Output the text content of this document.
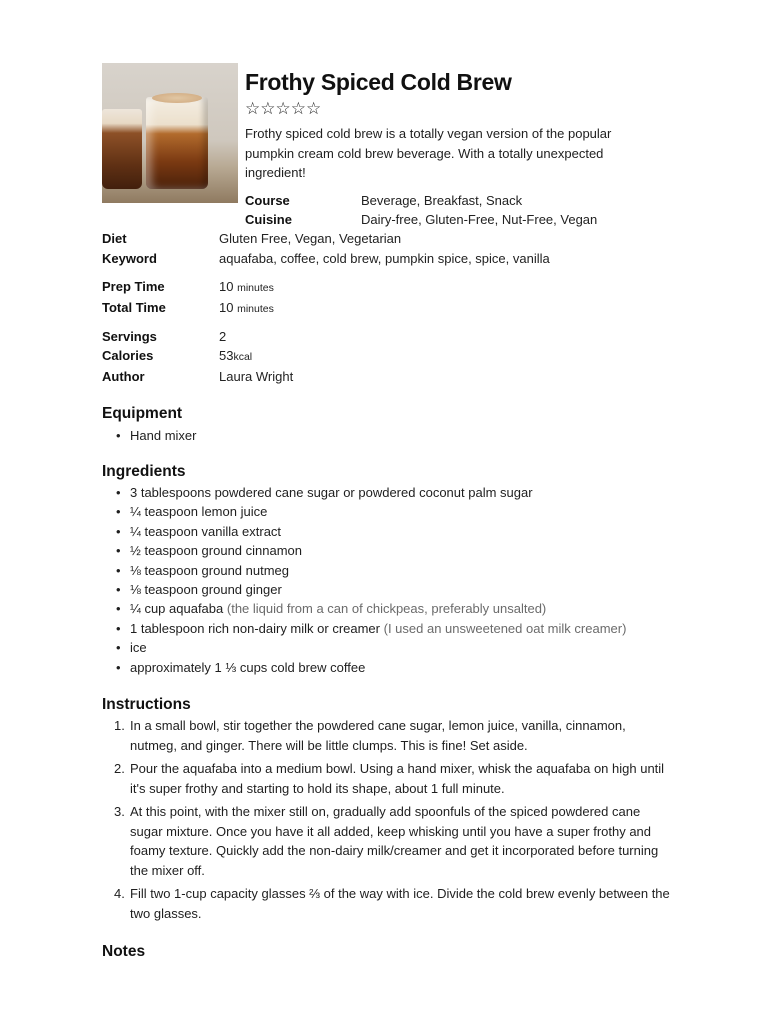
Frothy Spiced Cold Brew
☆☆☆☆☆

Frothy spiced cold brew is a totally vegan version of the popular pumpkin cream cold brew beverage. With a totally unexpected ingredient!

Course	Beverage, Breakfast, Snack
Cuisine	Dairy-free, Gluten-Free, Nut-Free, Vegan
Diet	Gluten Free, Vegan, Vegetarian
Keyword	aquafaba, coffee, cold brew, pumpkin spice, spice, vanilla
Prep Time	10 minutes
Total Time	10 minutes
Servings	2
Calories	53kcal
Author	Laura Wright
Equipment
• Hand mixer
Ingredients
• 3 tablespoons powdered cane sugar or powdered coconut palm sugar
• ¼ teaspoon lemon juice
• ¼ teaspoon vanilla extract
• ½ teaspoon ground cinnamon
• ⅛ teaspoon ground nutmeg
• ⅛ teaspoon ground ginger
• ¼ cup aquafaba (the liquid from a can of chickpeas, preferably unsalted)
• 1 tablespoon rich non-dairy milk or creamer (I used an unsweetened oat milk creamer)
• ice
• approximately 1 ⅓ cups cold brew coffee
Instructions
1. In a small bowl, stir together the powdered cane sugar, lemon juice, vanilla, cinnamon, nutmeg, and ginger. There will be little clumps. This is fine! Set aside.
2. Pour the aquafaba into a medium bowl. Using a hand mixer, whisk the aquafaba on high until it's super frothy and starting to hold its shape, about 1 full minute.
3. At this point, with the mixer still on, gradually add spoonfuls of the spiced powdered cane sugar mixture. Once you have it all added, keep whisking until you have a super frothy and foamy texture. Quickly add the non-dairy milk/creamer and get it incorporated before turning the mixer off.
4. Fill two 1-cup capacity glasses ⅔ of the way with ice. Divide the cold brew evenly between the two glasses.
Notes
